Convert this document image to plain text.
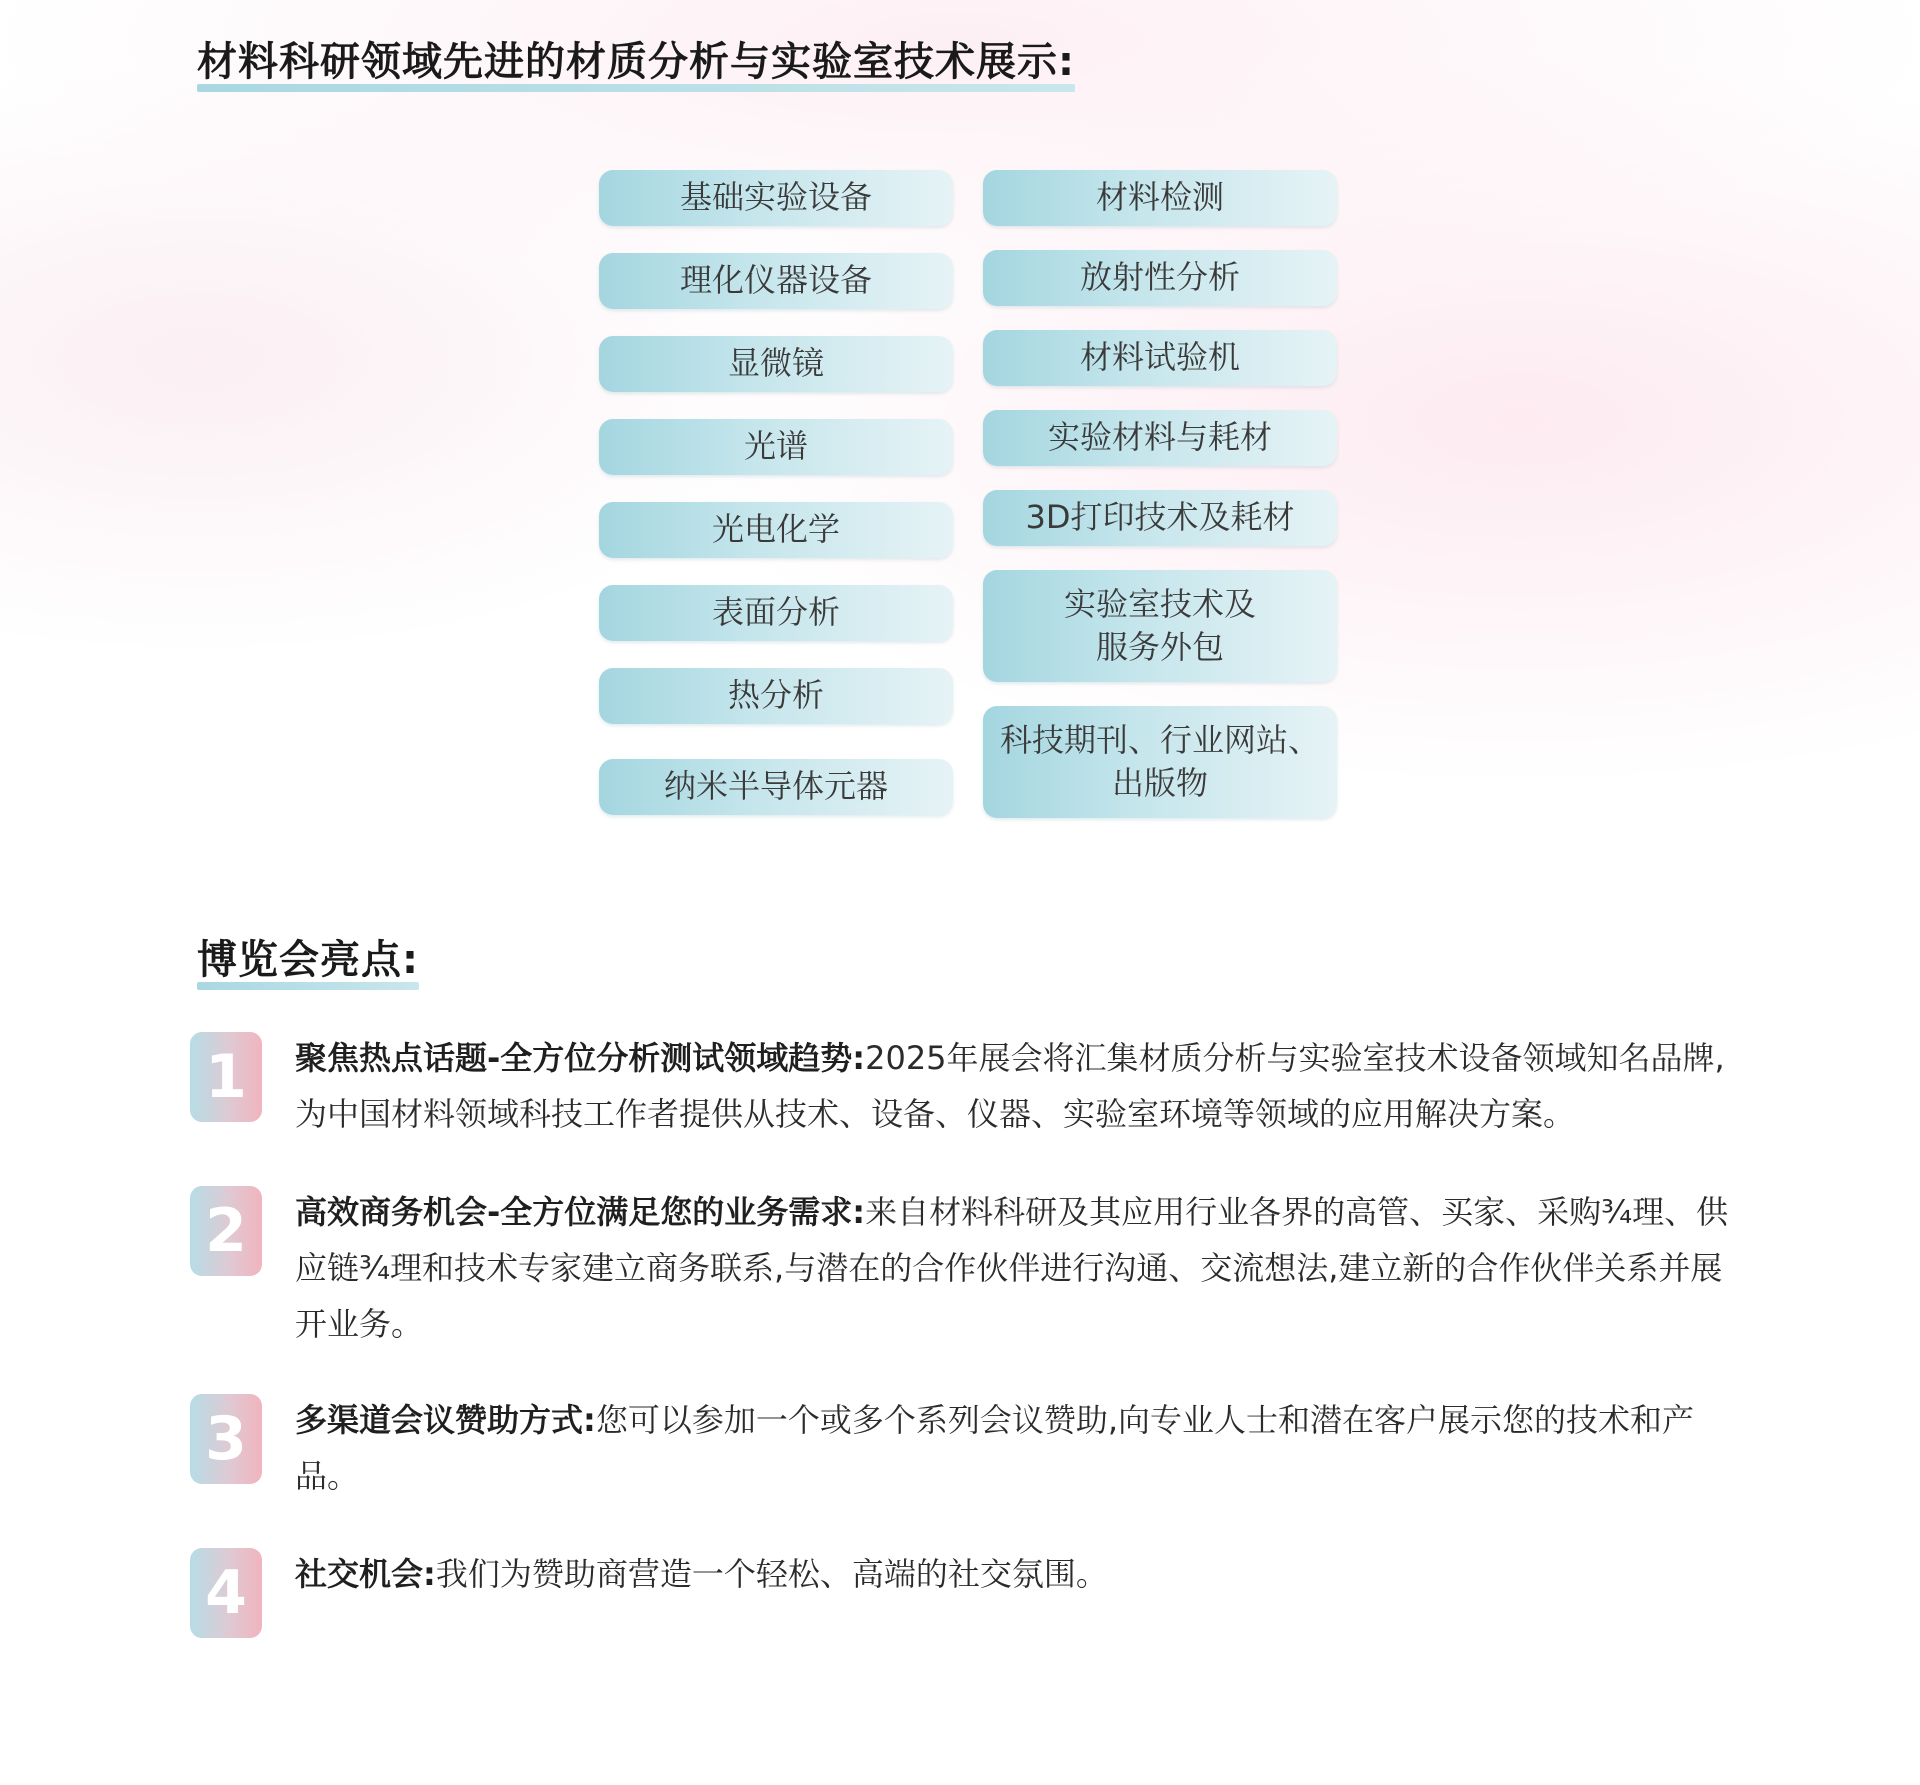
材料科研领域先进的材质分析与实验室技术展示:
基础实验设备
理化仪器设备
显微镜
光谱
光电化学
表面分析
热分析
纳米半导体元器
材料检测
放射性分析
材料试验机
实验材料与耗材
3D打印技术及耗材
实验室技术及
服务外包
科技期刊、行业网站、
出版物
博览会亮点:
1	聚焦热点话题-全方位分析测试领域趋势:2025年展会将汇集材质分析与实验室技术设备领域知名品牌,为中国材料领域科技工作者提供从技术、设备、仪器、实验室环境等领域的应用解决方案。

2	高效商务机会-全方位满足您的业务需求:来自材料科研及其应用行业各界的高管、买家、采购¾理、供应链¾理和技术专家建立商务联系,与潜在的合作伙伴进行沟通、交流想法,建立新的合作伙伴关系并展开业务。

3	多渠道会议赞助方式:您可以参加一个或多个系列会议赞助,向专业人士和潜在客户展示您的技术和产品。

4	社交机会:我们为赞助商营造一个轻松、高端的社交氛围。
